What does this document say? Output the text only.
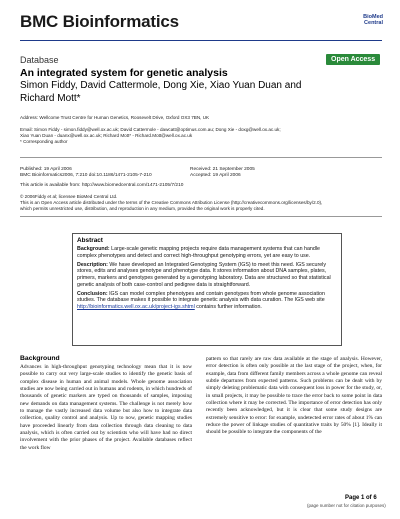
BMC Bioinformatics	BioMed Central
Database	Open Access
An integrated system for genetic analysis
Simon Fiddy, David Cattermole, Dong Xie, Xiao Yuan Duan and
Richard Mott*
Address: Wellcome Trust Centre for Human Genetics, Roosevelt Drive, Oxford OX3 7BN, UK
Email: Simon Fiddy - simon.fiddy@well.ox.ac.uk; David Cattermole - dawcatt@optimus.com.au; Dong Xie - doxg@well.ox.ac.uk;
Xiao Yuan Duan - duanx@well.ox.ac.uk; Richard Mott* - Richard.Mott@well.ox.ac.uk
* Corresponding author
Published: 19 April 2006
BMC Bioinformatics2006, 7:210 doi:10.1186/1471-2105-7-210
Received: 21 September 2005
Accepted: 19 April 2006
This article is available from: http://www.biomedcentral.com/1471-2105/7/210
© 2006Fiddy et al; licensee BioMed Central Ltd.
This is an Open Access article distributed under the terms of the Creative Commons Attribution License (http://creativecommons.org/licenses/by/2.0),
which permits unrestricted use, distribution, and reproduction in any medium, provided the original work is properly cited.
Abstract

Background: Large-scale genetic mapping projects require data management systems that can handle complex phenotypes and detect and correct high-throughput genotyping errors, yet are easy to use.

Description: We have developed an Integrated Genotyping System (IGS) to meet this need. IGS securely stores, edits and analyses genotype and phenotype data. It stores information about DNA samples, plates, primers, markers and genotypes generated by a genotyping laboratory. Data are structured so that statistical genetic analysis of both case-control and pedigree data is straightforward.

Conclusion: IGS can model complex phenotypes and contain genotypes from whole genome association studies. The database makes it possible to integrate genetic analysis with data curation. The IGS web site http://bioinformatics.well.ox.ac.uk/project-igs.shtml contains further information.

Background
Advances in high-throughput genotyping technology mean that it is now possible to carry out very large-scale studies to identify the genetic basis of complex disease in human and animal models. Whole genome association studies are now being carried out in humans and rodents, in which hundreds of thousands of genetic markers are typed on thousands of samples, imposing new demands on data management systems. The challenge is not merely how to manage the vastly increased data volume but also how to integrate data collection, quality control and analysis. Up to now, genetic mapping studies have proceeded linearly from data collection through data cleaning to data analysis, which is often carried out by scientists who will have had no direct involvement with the prior phases of the project. Available databases reflect the work flow
pattern so that rarely are raw data available at the stage of analysis. However, error detection is often only possible at the last stage of the project, when, for example, data from different family members across a whole genome can reveal subtle departures from expected patterns. Such problems can be dealt with by simply deleting problematic data with consequent loss in power for the study, or, in small projects, it may be possible to trace the error back to some point in data collection where it may be corrected. The importance of error detection has only recently been acknowledged, but it is clear that some study designs are extremely sensitive to error: for example, undetected error rates of about 1% can reduce the power of linkage studies of quantitative traits by 50% [1]. Ideally it should be possible to integrate the components of the
Page 1 of 6
(page number not for citation purposes)
